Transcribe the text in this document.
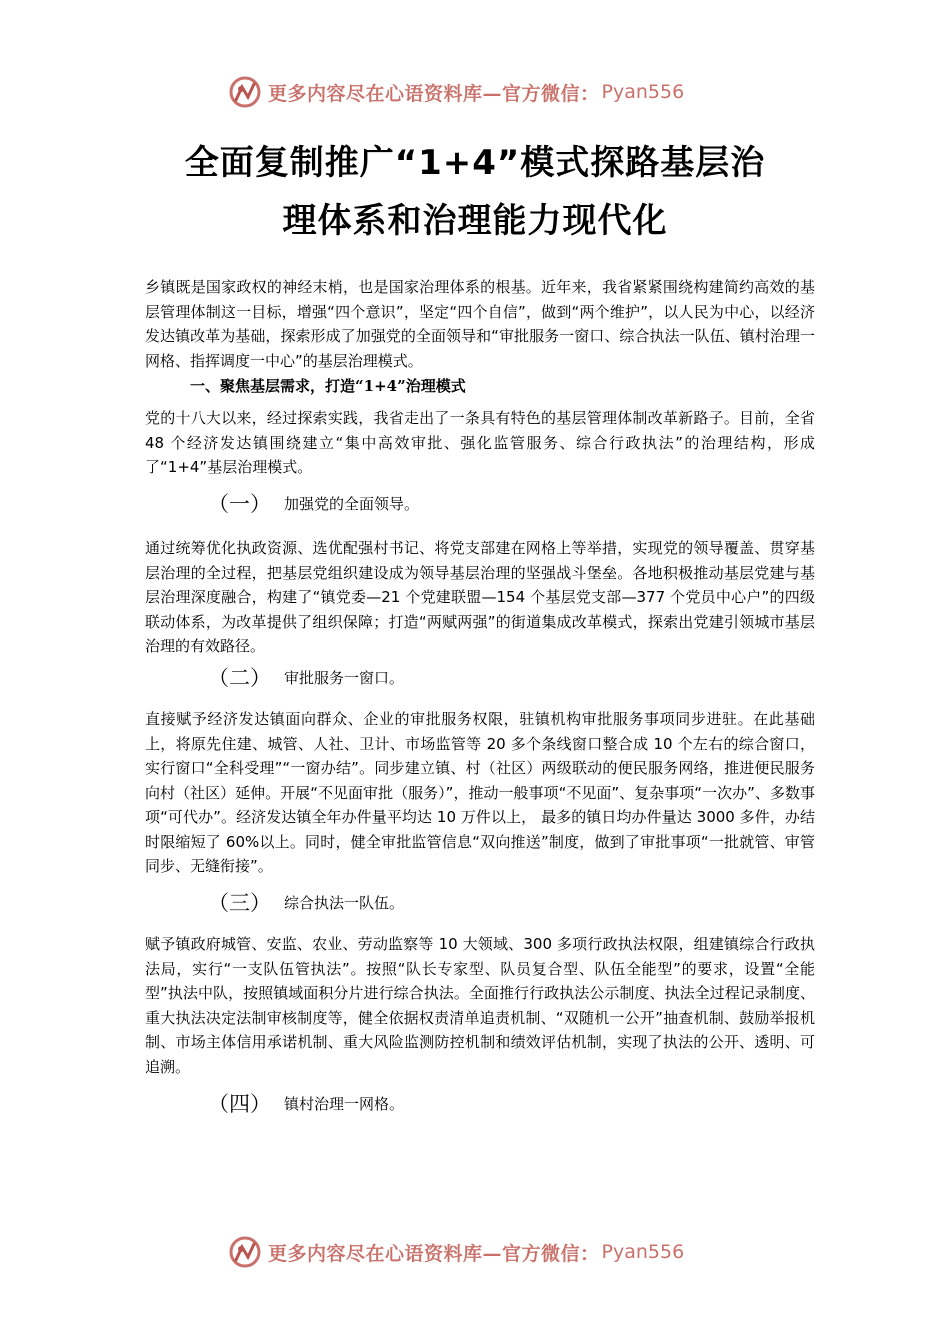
更多内容尽在心语资料库—官方微信： Pyan556
全面复制推广“1+4”模式探路基层治
理体系和治理能力现代化

乡镇既是国家政权的神经末梢，也是国家治理体系的根基。近年来，我省紧紧围绕构建简约高效的基层管理体制这一目标，增强“四个意识”，坚定“四个自信”，做到“两个维护”，以人民为中心，以经济发达镇改革为基础，探索形成了加强党的全面领导和“审批服务一窗口、综合执法一队伍、镇村治理一网格、指挥调度一中心”的基层治理模式。

一、聚焦基层需求，打造“1+4”治理模式

党的十八大以来，经过探索实践，我省走出了一条具有特色的基层管理体制改革新路子。目前，全省 48 个经济发达镇围绕建立“集中高效审批、强化监管服务、综合行政执法”的治理结构，形成了“1+4”基层治理模式。

（一） 加强党的全面领导。

通过统筹优化执政资源、选优配强村书记、将党支部建在网格上等举措，实现党的领导覆盖、贯穿基层治理的全过程，把基层党组织建设成为领导基层治理的坚强战斗堡垒。各地积极推动基层党建与基层治理深度融合，构建了“镇党委—21 个党建联盟—154 个基层党支部—377 个党员中心户”的四级联动体系，为改革提供了组织保障；打造“两赋两强”的街道集成改革模式，探索出党建引领城市基层治理的有效路径。

（二） 审批服务一窗口。

直接赋予经济发达镇面向群众、企业的审批服务权限，驻镇机构审批服务事项同步进驻。在此基础上，将原先住建、城管、人社、卫计、市场监管等 20 多个条线窗口整合成 10 个左右的综合窗口，实行窗口“全科受理”“一窗办结”。同步建立镇、村（社区）两级联动的便民服务网络，推进便民服务向村（社区）延伸。开展“不见面审批（服务）”，推动一般事项“不见面”、复杂事项“一次办”、多数事项“可代办”。经济发达镇全年办件量平均达 10 万件以上， 最多的镇日均办件量达 3000 多件，办结时限缩短了 60%以上。同时，健全审批监管信息“双向推送”制度，做到了审批事项“一批就管、审管同步、无缝衔接”。

（三） 综合执法一队伍。

赋予镇政府城管、安监、农业、劳动监察等 10 大领域、300 多项行政执法权限，组建镇综合行政执法局，实行“一支队伍管执法”。按照“队长专家型、队员复合型、队伍全能型”的要求，设置“全能型”执法中队，按照镇域面积分片进行综合执法。全面推行行政执法公示制度、执法全过程记录制度、重大执法决定法制审核制度等，健全依据权责清单追责机制、“双随机一公开”抽查机制、鼓励举报机制、市场主体信用承诺机制、重大风险监测防控机制和绩效评估机制，实现了执法的公开、透明、可追溯。

（四） 镇村治理一网格。
更多内容尽在心语资料库—官方微信： Pyan556
